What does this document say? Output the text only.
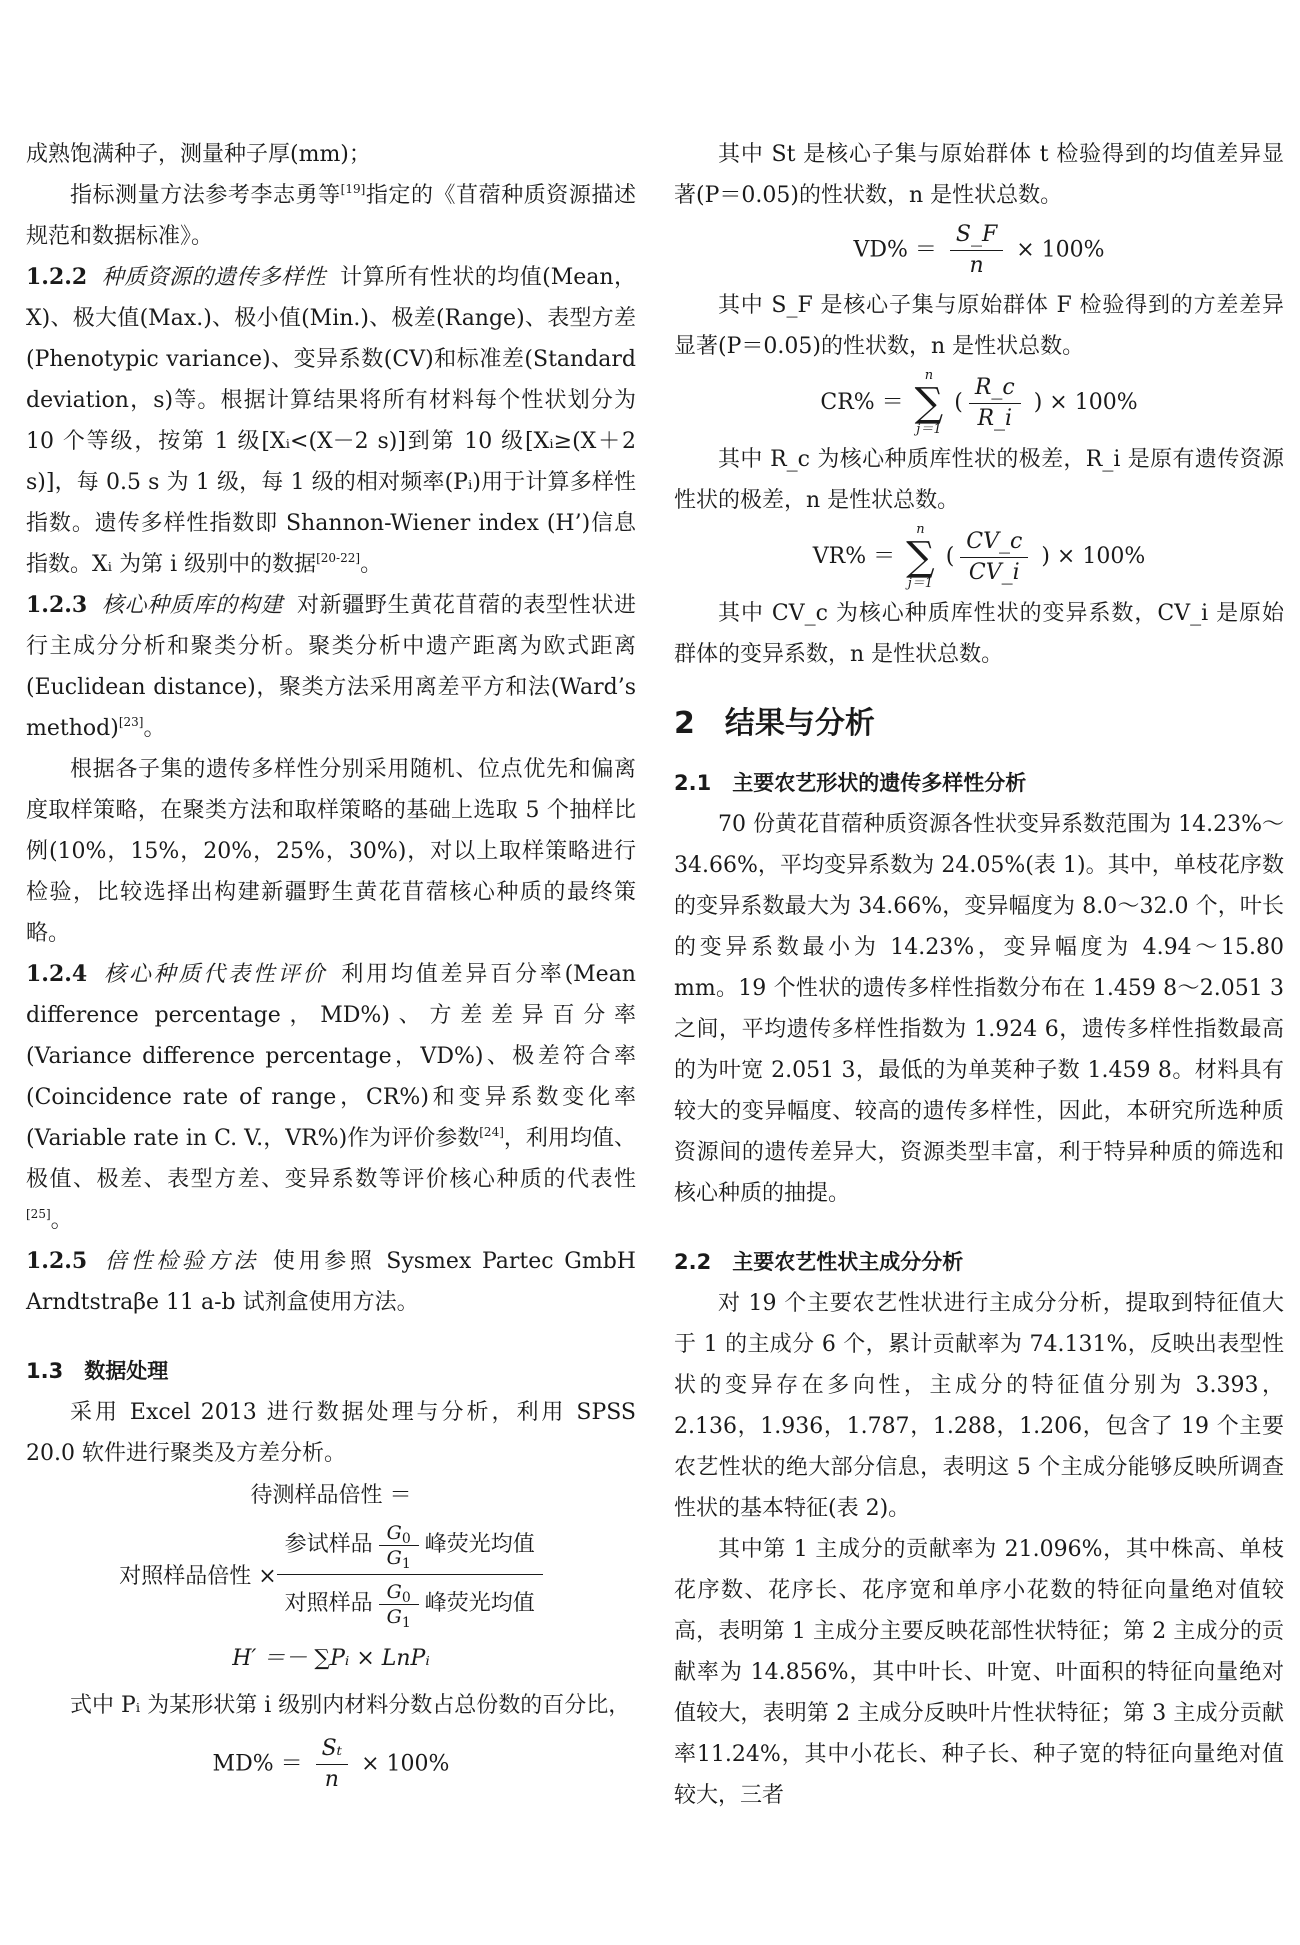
成熟饱满种子，测量种子厚(mm)；

指标测量方法参考李志勇等[19]指定的《苜蓿种质资源描述规范和数据标准》。

1.2.2 种质资源的遗传多样性 计算所有性状的均值(Mean，X)、极大值(Max.)、极小值(Min.)、极差(Range)、表型方差(Phenotypic variance)、变异系数(CV)和标准差(Standard deviation，s)等。根据计算结果将所有材料每个性状划分为 10 个等级，按第 1 级[Xᵢ<(X－2 s)]到第 10 级[Xᵢ≥(X＋2 s)]，每 0.5 s 为 1 级，每 1 级的相对频率(Pᵢ)用于计算多样性指数。遗传多样性指数即 Shannon-Wiener index (H’)信息指数。Xᵢ 为第 i 级别中的数据[20-22]。

1.2.3 核心种质库的构建 对新疆野生黄花苜蓿的表型性状进行主成分分析和聚类分析。聚类分析中遗产距离为欧式距离(Euclidean distance)，聚类方法采用离差平方和法(Ward’s method)[23]。

根据各子集的遗传多样性分别采用随机、位点优先和偏离度取样策略，在聚类方法和取样策略的基础上选取 5 个抽样比例(10%，15%，20%，25%，30%)，对以上取样策略进行检验，比较选择出构建新疆野生黄花苜蓿核心种质的最终策略。

1.2.4 核心种质代表性评价 利用均值差异百分率(Mean difference percentage，MD%)、方差差异百分率(Variance difference percentage，VD%)、极差符合率(Coincidence rate of range，CR%)和变异系数变化率(Variable rate in C. V.，VR%)作为评价参数[24]，利用均值、极值、极差、表型方差、变异系数等评价核心种质的代表性[25]。

1.2.5 倍性检验方法 使用参照 Sysmex Partec GmbH Arndtstraβe 11 a-b 试剂盒使用方法。

1.3　数据处理

采用 Excel 2013 进行数据处理与分析，利用 SPSS 20.0 软件进行聚类及方差分析。

待测样品倍性 ＝
对照样品倍性 × $\frac{参试样品 \frac{G_0}{G_1} 峰荧光均值}{对照样品 \frac{G_0}{G_1} 峰荧光均值}$
H′ ＝－ ∑Pᵢ × LnPᵢ

式中 Pᵢ 为某形状第 i 级别内材料分数占总份数的百分比，

$MD\% = \frac{\text{Sₜ}}{n} \times 100\%$

其中 St 是核心子集与原始群体 t 检验得到的均值差异显著(P＝0.05)的性状数，n 是性状总数。

$VD\% = \frac{S\_F}{n} \times 100\%$

其中 S_F 是核心子集与原始群体 F 检验得到的方差差异显著(P＝0.05)的性状数，n 是性状总数。

CR% ＝
n
∑
j＝1
( $\frac{R\_c}{R\_i}$ ) × 100%

其中 R_c 为核心种质库性状的极差，R_i 是原有遗传资源性状的极差，n 是性状总数。

VR% ＝
n
∑
j＝1
( $\frac{CV\_c}{CV\_i}$ ) × 100%

其中 CV_c 为核心种质库性状的变异系数，CV_i 是原始群体的变异系数，n 是性状总数。

2　结果与分析
2.1　主要农艺形状的遗传多样性分析

70 份黄花苜蓿种质资源各性状变异系数范围为 14.23%～34.66%，平均变异系数为 24.05%(表 1)。其中，单枝花序数的变异系数最大为 34.66%，变异幅度为 8.0～32.0 个，叶长的变异系数最小为 14.23%，变异幅度为 4.94～15.80 mm。19 个性状的遗传多样性指数分布在 1.459 8～2.051 3 之间，平均遗传多样性指数为 1.924 6，遗传多样性指数最高的为叶宽 2.051 3，最低的为单荚种子数 1.459 8。材料具有较大的变异幅度、较高的遗传多样性，因此，本研究所选种质资源间的遗传差异大，资源类型丰富，利于特异种质的筛选和核心种质的抽提。

2.2　主要农艺性状主成分分析

对 19 个主要农艺性状进行主成分分析，提取到特征值大于 1 的主成分 6 个，累计贡献率为 74.131%，反映出表型性状的变异存在多向性，主成分的特征值分别为 3.393，2.136，1.936，1.787，1.288，1.206，包含了 19 个主要农艺性状的绝大部分信息，表明这 5 个主成分能够反映所调查性状的基本特征(表 2)。

其中第 1 主成分的贡献率为 21.096%，其中株高、单枝花序数、花序长、花序宽和单序小花数的特征向量绝对值较高，表明第 1 主成分主要反映花部性状特征；第 2 主成分的贡献率为 14.856%，其中叶长、叶宽、叶面积的特征向量绝对值较大，表明第 2 主成分反映叶片性状特征；第 3 主成分贡献率11.24%，其中小花长、种子长、种子宽的特征向量绝对值较大，三者
